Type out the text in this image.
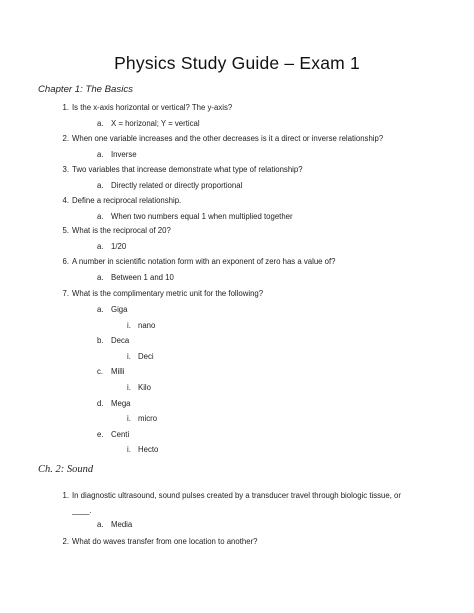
Physics Study Guide – Exam 1
Chapter 1: The Basics
1. Is the x-axis horizontal or vertical? The y-axis?
a. X = horizonal; Y = vertical
2. When one variable increases and the other decreases is it a direct or inverse relationship?
a. Inverse
3. Two variables that increase demonstrate what type of relationship?
a. Directly related or directly proportional
4. Define a reciprocal relationship.
a. When two numbers equal 1 when multiplied together
5. What is the reciprocal of 20?
a. 1/20
6. A number in scientific notation form with an exponent of zero has a value of?
a. Between 1 and 10
7. What is the complimentary metric unit for the following?
a. Giga
i. nano
b. Deca
i. Deci
c. Milli
i. Kilo
d. Mega
i. micro
e. Centi
i. Hecto
Ch. 2: Sound
1. In diagnostic ultrasound, sound pulses created by a transducer travel through biologic tissue, or
____.
a. Media
2. What do waves transfer from one location to another?
